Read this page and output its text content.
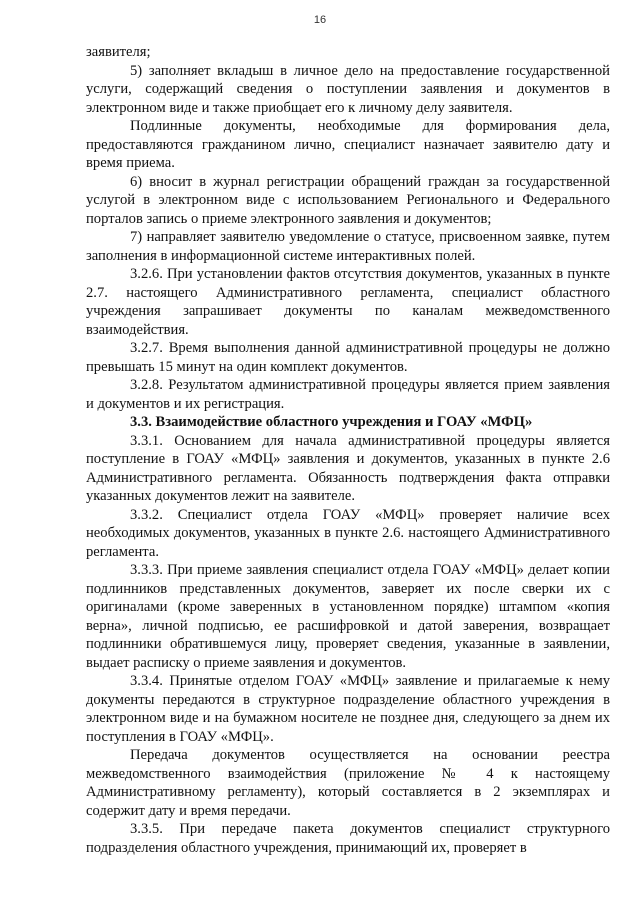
16

заявителя;

5) заполняет вкладыш в личное дело на предоставление государственной услуги, содержащий сведения о поступлении заявления и документов в электронном виде и также приобщает его к личному делу заявителя.

Подлинные документы, необходимые для формирования дела, предоставляются гражданином лично, специалист назначает заявителю дату и время приема.

6) вносит в журнал регистрации обращений граждан за государственной услугой в электронном виде с использованием Регионального и Федерального порталов запись о приеме электронного заявления и документов;

7) направляет заявителю уведомление о статусе, присвоенном заявке, путем заполнения в информационной системе интерактивных полей.

3.2.6. При установлении фактов отсутствия документов, указанных в пункте 2.7. настоящего Административного регламента, специалист областного учреждения запрашивает документы по каналам межведомственного взаимодействия.

3.2.7. Время выполнения данной административной процедуры не должно превышать 15 минут на один комплект документов.

3.2.8. Результатом административной процедуры является прием заявления и документов и их регистрация.

3.3. Взаимодействие областного учреждения и ГОАУ «МФЦ»

3.3.1. Основанием для начала административной процедуры является поступление в ГОАУ «МФЦ» заявления и документов, указанных в пункте 2.6 Административного регламента. Обязанность подтверждения факта отправки указанных документов лежит на заявителе.

3.3.2. Специалист отдела ГОАУ «МФЦ» проверяет наличие всех необходимых документов, указанных в пункте 2.6. настоящего Административного регламента.

3.3.3. При приеме заявления специалист отдела ГОАУ «МФЦ» делает копии подлинников представленных документов, заверяет их после сверки их с оригиналами (кроме заверенных в установленном порядке) штампом «копия верна», личной подписью, ее расшифровкой и датой заверения, возвращает подлинники обратившемуся лицу, проверяет сведения, указанные в заявлении, выдает расписку о приеме заявления и документов.

3.3.4. Принятые отделом ГОАУ «МФЦ» заявление и прилагаемые к нему документы передаются в структурное подразделение областного учреждения в электронном виде и на бумажном носителе не позднее дня, следующего за днем их поступления в ГОАУ «МФЦ».

Передача документов осуществляется на основании реестра межведомственного взаимодействия (приложение № 4 к настоящему Административному регламенту), который составляется в 2 экземплярах и содержит дату и время передачи.

3.3.5. При передаче пакета документов специалист структурного подразделения областного учреждения, принимающий их, проверяет в
